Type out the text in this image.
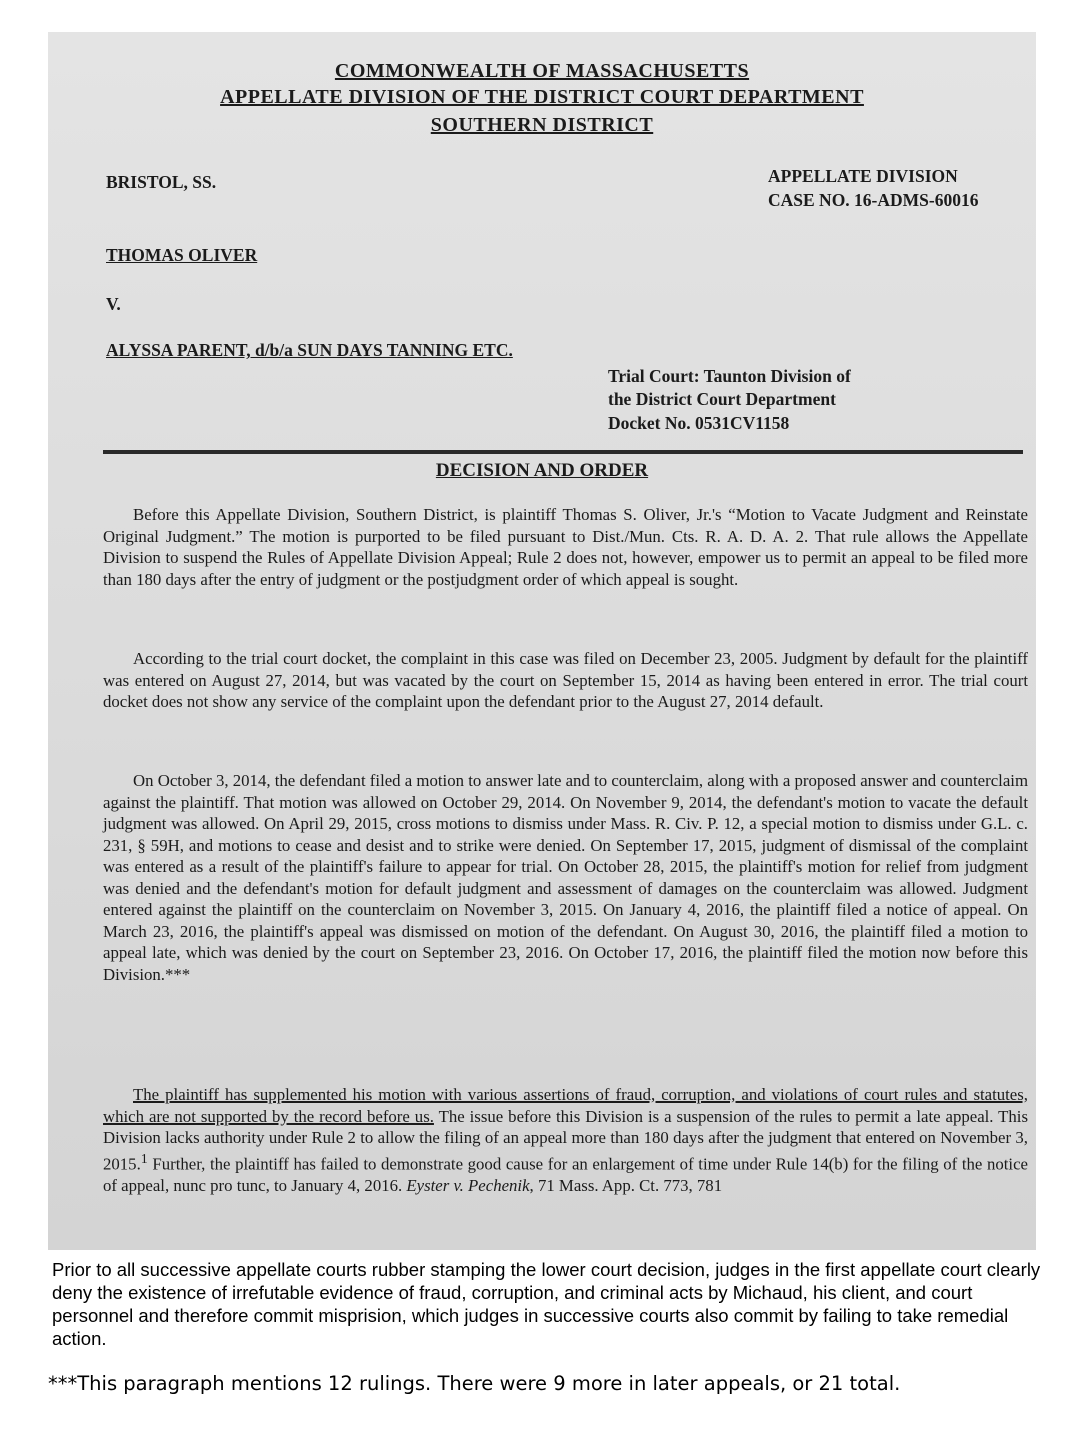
COMMONWEALTH OF MASSACHUSETTS
APPELLATE DIVISION OF THE DISTRICT COURT DEPARTMENT
SOUTHERN DISTRICT
BRISTOL, SS.	APPELLATE DIVISION
CASE NO. 16-ADMS-60016
THOMAS OLIVER
V.
ALYSSA PARENT, d/b/a SUN DAYS TANNING ETC.
Trial Court: Taunton Division of
the District Court Department
Docket No. 0531CV1158
DECISION AND ORDER
Before this Appellate Division, Southern District, is plaintiff Thomas S. Oliver, Jr.'s “Motion to Vacate Judgment and Reinstate Original Judgment.” The motion is purported to be filed pursuant to Dist./Mun. Cts. R. A. D. A. 2. That rule allows the Appellate Division to suspend the Rules of Appellate Division Appeal; Rule 2 does not, however, empower us to permit an appeal to be filed more than 180 days after the entry of judgment or the postjudgment order of which appeal is sought.
According to the trial court docket, the complaint in this case was filed on December 23, 2005. Judgment by default for the plaintiff was entered on August 27, 2014, but was vacated by the court on September 15, 2014 as having been entered in error. The trial court docket does not show any service of the complaint upon the defendant prior to the August 27, 2014 default.
On October 3, 2014, the defendant filed a motion to answer late and to counterclaim, along with a proposed answer and counterclaim against the plaintiff. That motion was allowed on October 29, 2014. On November 9, 2014, the defendant's motion to vacate the default judgment was allowed. On April 29, 2015, cross motions to dismiss under Mass. R. Civ. P. 12, a special motion to dismiss under G.L. c. 231, § 59H, and motions to cease and desist and to strike were denied. On September 17, 2015, judgment of dismissal of the complaint was entered as a result of the plaintiff's failure to appear for trial. On October 28, 2015, the plaintiff's motion for relief from judgment was denied and the defendant's motion for default judgment and assessment of damages on the counterclaim was allowed. Judgment entered against the plaintiff on the counterclaim on November 3, 2015. On January 4, 2016, the plaintiff filed a notice of appeal. On March 23, 2016, the plaintiff's appeal was dismissed on motion of the defendant. On August 30, 2016, the plaintiff filed a motion to appeal late, which was denied by the court on September 23, 2016. On October 17, 2016, the plaintiff filed the motion now before this Division.***
The plaintiff has supplemented his motion with various assertions of fraud, corruption, and violations of court rules and statutes, which are not supported by the record before us. The issue before this Division is a suspension of the rules to permit a late appeal. This Division lacks authority under Rule 2 to allow the filing of an appeal more than 180 days after the judgment that entered on November 3, 2015.$^1$ Further, the plaintiff has failed to demonstrate good cause for an enlargement of time under Rule 14(b) for the filing of the notice of appeal, nunc pro tunc, to January 4, 2016. Eyster v. Pechenik, 71 Mass. App. Ct. 773, 781
Prior to all successive appellate courts rubber stamping the lower court decision, judges in the first appellate court clearly deny the existence of irrefutable evidence of fraud, corruption, and criminal acts by Michaud, his client, and court personnel and therefore commit misprision, which judges in successive courts also commit by failing to take remedial action.
***This paragraph mentions 12 rulings. There were 9 more in later appeals, or 21 total.
